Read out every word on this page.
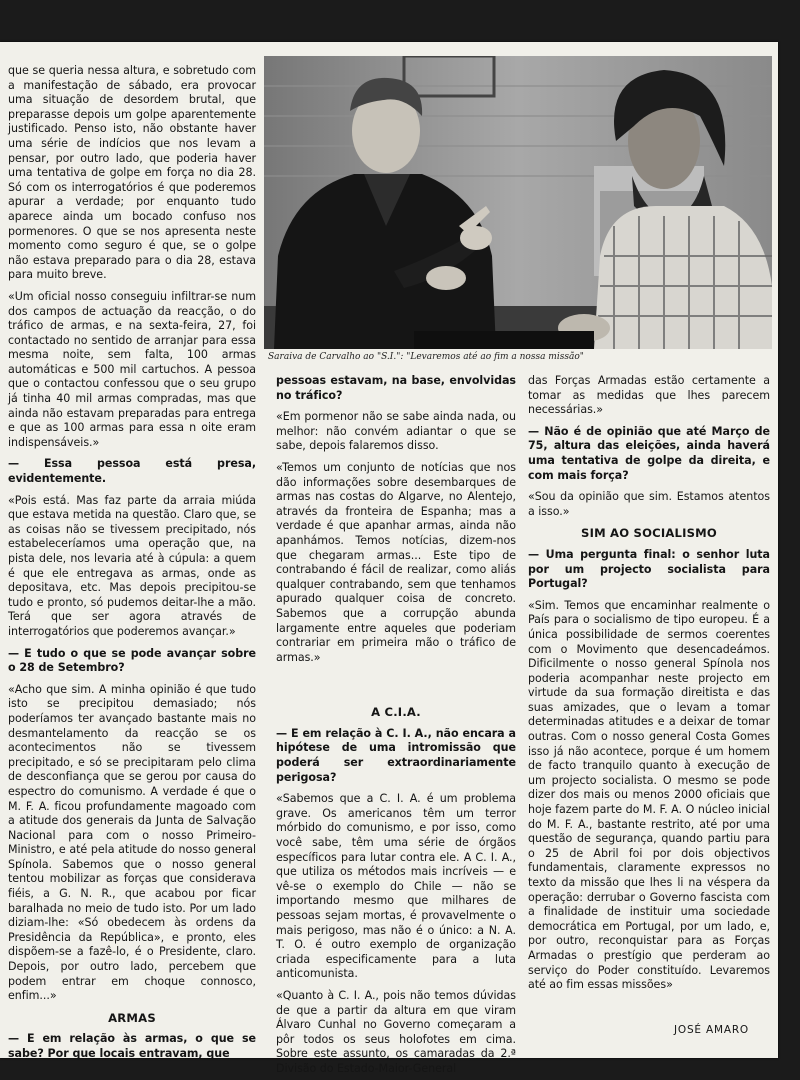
que se queria nessa altura, e sobretudo com a manifestação de sábado, era provocar uma situação de desordem brutal, que preparasse depois um golpe aparentemente justificado. Penso isto, não obstante haver uma série de indícios que nos levam a pensar, por outro lado, que poderia haver uma tentativa de golpe em força no dia 28. Só com os interrogatórios é que poderemos apurar a verdade; por enquanto tudo aparece ainda um bocado confuso nos pormenores. O que se nos apresenta neste momento como seguro é que, se o golpe não estava preparado para o dia 28, estava para muito breve.

«Um oficial nosso conseguiu infiltrar-se num dos campos de actuação da reacção, o do tráfico de armas, e na sexta-feira, 27, foi contactado no sentido de arranjar para essa mesma noite, sem falta, 100 armas automáticas e 500 mil cartuchos. A pessoa que o contactou confessou que o seu grupo já tinha 40 mil armas compradas, mas que ainda não estavam preparadas para entrega e que as 100 armas para essa n oite eram indispensáveis.»

— Essa pessoa está presa, evidentemente.

«Pois está. Mas faz parte da arraia miúda que estava metida na questão. Claro que, se as coisas não se tivessem precipitado, nós estabeleceríamos uma operação que, na pista dele, nos levaria até à cúpula: a quem é que ele entregava as armas, onde as depositava, etc. Mas depois precipitou-se tudo e pronto, só pudemos deitar-lhe a mão. Terá que ser agora através de interrogatórios que poderemos avançar.»

— E tudo o que se pode avançar sobre o 28 de Setembro?

«Acho que sim. A minha opinião é que tudo isto se precipitou demasiado; nós poderíamos ter avançado bastante mais no desmantelamento da reacção se os acontecimentos não se tivessem precipitado, e só se precipitaram pelo clima de desconfiança que se gerou por causa do espectro do comunismo. A verdade é que o M. F. A. ficou profundamente magoado com a atitude dos generais da Junta de Salvação Nacional para com o nosso Primeiro-Ministro, e até pela atitude do nosso general Spínola. Sabemos que o nosso general tentou mobilizar as forças que considerava fiéis, a G. N. R., que acabou por ficar baralhada no meio de tudo isto. Por um lado diziam-lhe: «Só obedecem às ordens da Presidência da República», e pronto, eles dispõem-se a fazê-lo, é o Presidente, claro. Depois, por outro lado, percebem que podem entrar em choque connosco, enfim...»

ARMAS

— E em relação às armas, o que se sabe? Por que locais entravam, que

Saraiva de Carvalho ao "S.I.": "Levaremos até ao fim a nossa missão"

pessoas estavam, na base, envolvidas no tráfico?

«Em pormenor não se sabe ainda nada, ou melhor: não convém adiantar o que se sabe, depois falaremos disso.

«Temos um conjunto de notícias que nos dão informações sobre desembarques de armas nas costas do Algarve, no Alentejo, através da fronteira de Espanha; mas a verdade é que apanhar armas, ainda não apanhámos. Temos notícias, dizem-nos que chegaram armas... Este tipo de contrabando é fácil de realizar, como aliás qualquer contrabando, sem que tenhamos apurado qualquer coisa de concreto. Sabemos que a corrupção abunda largamente entre aqueles que poderiam contrariar em primeira mão o tráfico de armas.»

A C.I.A.

— E em relação à C. I. A., não encara a hipótese de uma intromissão que poderá ser extraordinariamente perigosa?

«Sabemos que a C. I. A. é um problema grave. Os americanos têm um terror mórbido do comunismo, e por isso, como você sabe, têm uma série de órgãos específicos para lutar contra ele. A C. I. A., que utiliza os métodos mais incríveis — e vê-se o exemplo do Chile — não se importando mesmo que milhares de pessoas sejam mortas, é provavelmente o mais perigoso, mas não é o único: a N. A. T. O. é outro exemplo de organização criada especificamente para a luta anticomunista.

«Quanto à C. I. A., pois não temos dúvidas de que a partir da altura em que viram Álvaro Cunhal no Governo começaram a pôr todos os seus holofotes em cima. Sobre este assunto, os camaradas da 2.ª Divisão do Estado-Maior-General

das Forças Armadas estão certamente a tomar as medidas que lhes parecem necessárias.»

— Não é de opinião que até Março de 75, altura das eleições, ainda haverá uma tentativa de golpe da direita, e com mais força?

«Sou da opinião que sim. Estamos atentos a isso.»

SIM AO SOCIALISMO

— Uma pergunta final: o senhor luta por um projecto socialista para Portugal?

«Sim. Temos que encaminhar realmente o País para o socialismo de tipo europeu. É a única possibilidade de sermos coerentes com o Movimento que desencadeámos. Dificilmente o nosso general Spínola nos poderia acompanhar neste projecto em virtude da sua formação direitista e das suas amizades, que o levam a tomar determinadas atitudes e a deixar de tomar outras. Com o nosso general Costa Gomes isso já não acontece, porque é um homem de facto tranquilo quanto à execução de um projecto socialista. O mesmo se pode dizer dos mais ou menos 2000 oficiais que hoje fazem parte do M. F. A. O núcleo inicial do M. F. A., bastante restrito, até por uma questão de segurança, quando partiu para o 25 de Abril foi por dois objectivos fundamentais, claramente expressos no texto da missão que lhes li na véspera da operação: derrubar o Governo fascista com a finalidade de instituir uma sociedade democrática em Portugal, por um lado, e, por outro, reconquistar para as Forças Armadas o prestígio que perderam ao serviço do Poder constituído. Levaremos até ao fim essas missões»

JOSÉ AMARO
